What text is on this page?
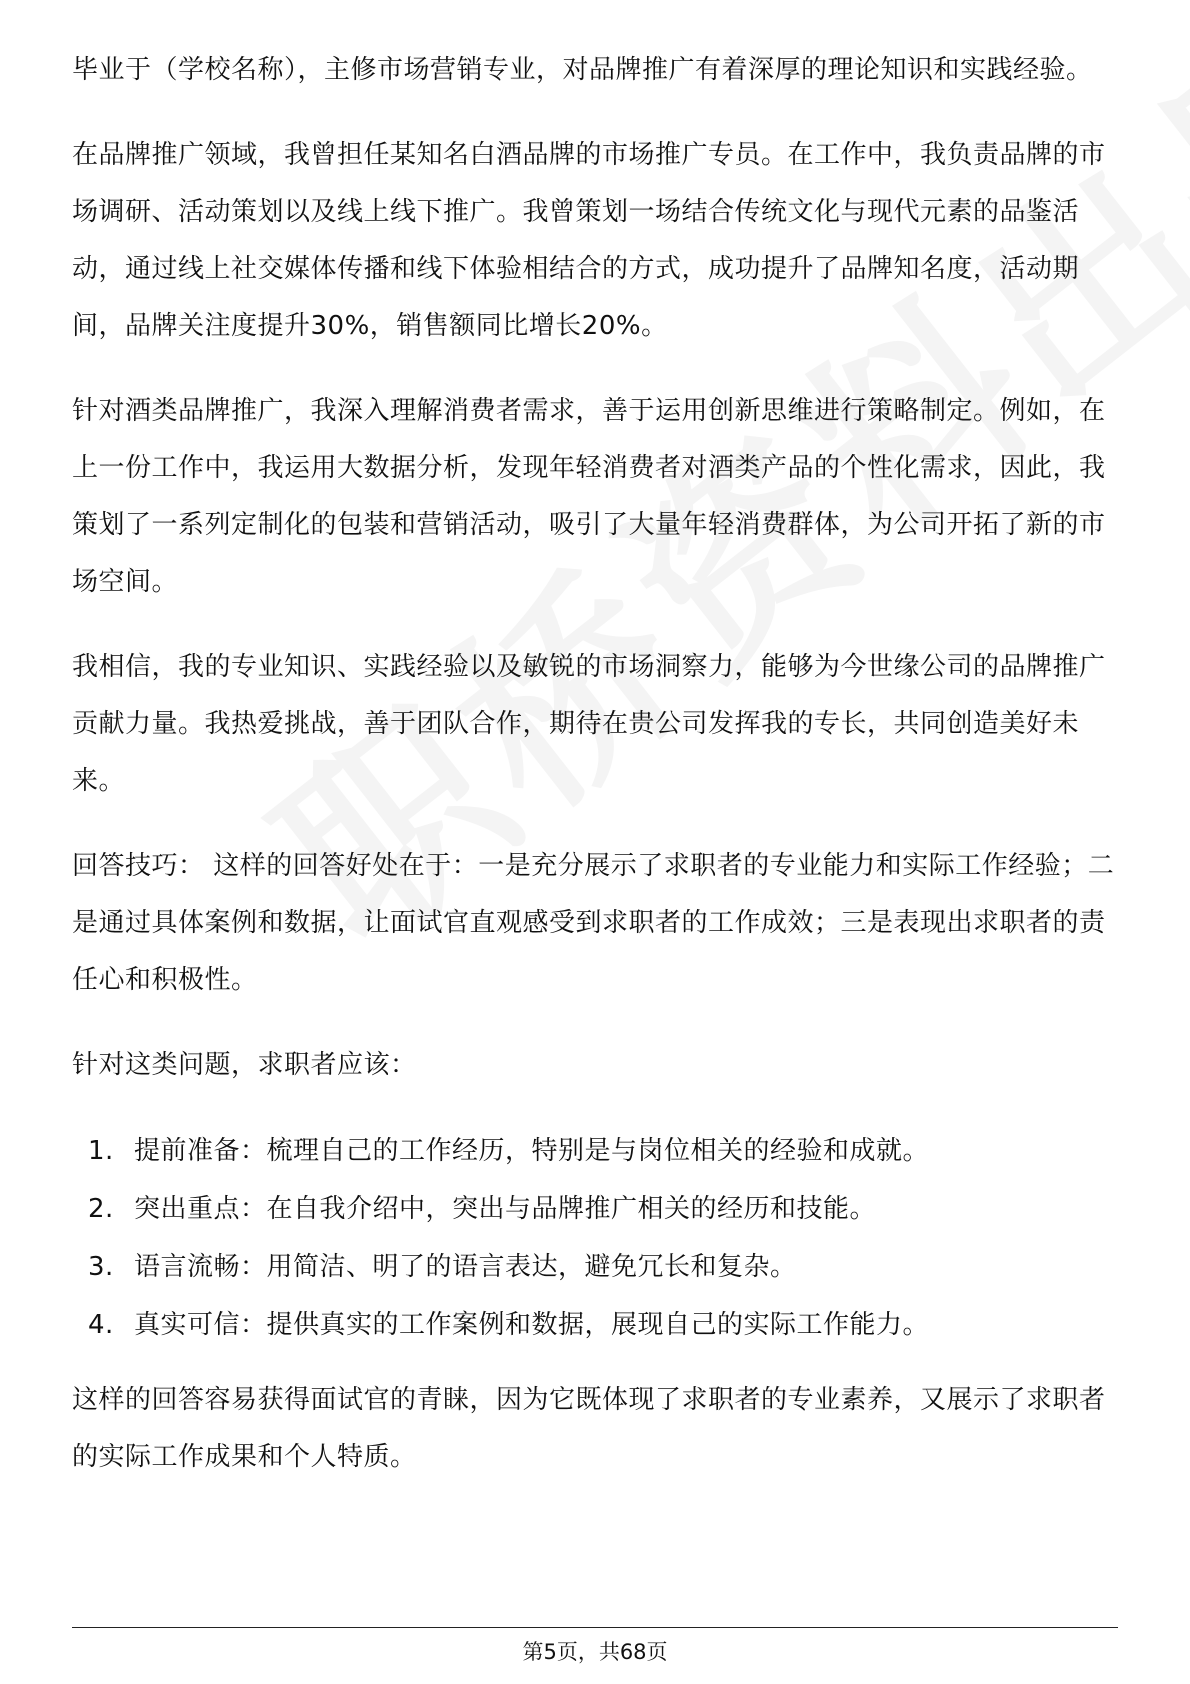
毕业于（学校名称），主修市场营销专业，对品牌推广有着深厚的理论知识和实践经验。

在品牌推广领域，我曾担任某知名白酒品牌的市场推广专员。在工作中，我负责品牌的市场调研、活动策划以及线上线下推广。我曾策划一场结合传统文化与现代元素的品鉴活动，通过线上社交媒体传播和线下体验相结合的方式，成功提升了品牌知名度，活动期间，品牌关注度提升30%，销售额同比增长20%。

针对酒类品牌推广，我深入理解消费者需求，善于运用创新思维进行策略制定。例如，在上一份工作中，我运用大数据分析，发现年轻消费者对酒类产品的个性化需求，因此，我策划了一系列定制化的包装和营销活动，吸引了大量年轻消费群体，为公司开拓了新的市场空间。

我相信，我的专业知识、实践经验以及敏锐的市场洞察力，能够为今世缘公司的品牌推广贡献力量。我热爱挑战，善于团队合作，期待在贵公司发挥我的专长，共同创造美好未来。

回答技巧： 这样的回答好处在于：一是充分展示了求职者的专业能力和实际工作经验；二是通过具体案例和数据，让面试官直观感受到求职者的工作成效；三是表现出求职者的责任心和积极性。

针对这类问题，求职者应该：

1. 提前准备：梳理自己的工作经历，特别是与岗位相关的经验和成就。
2. 突出重点：在自我介绍中，突出与品牌推广相关的经历和技能。
3. 语言流畅：用简洁、明了的语言表达，避免冗长和复杂。
4. 真实可信：提供真实的工作案例和数据，展现自己的实际工作能力。

这样的回答容易获得面试官的青睐，因为它既体现了求职者的专业素养，又展示了求职者的实际工作成果和个人特质。

第5页，共68页
